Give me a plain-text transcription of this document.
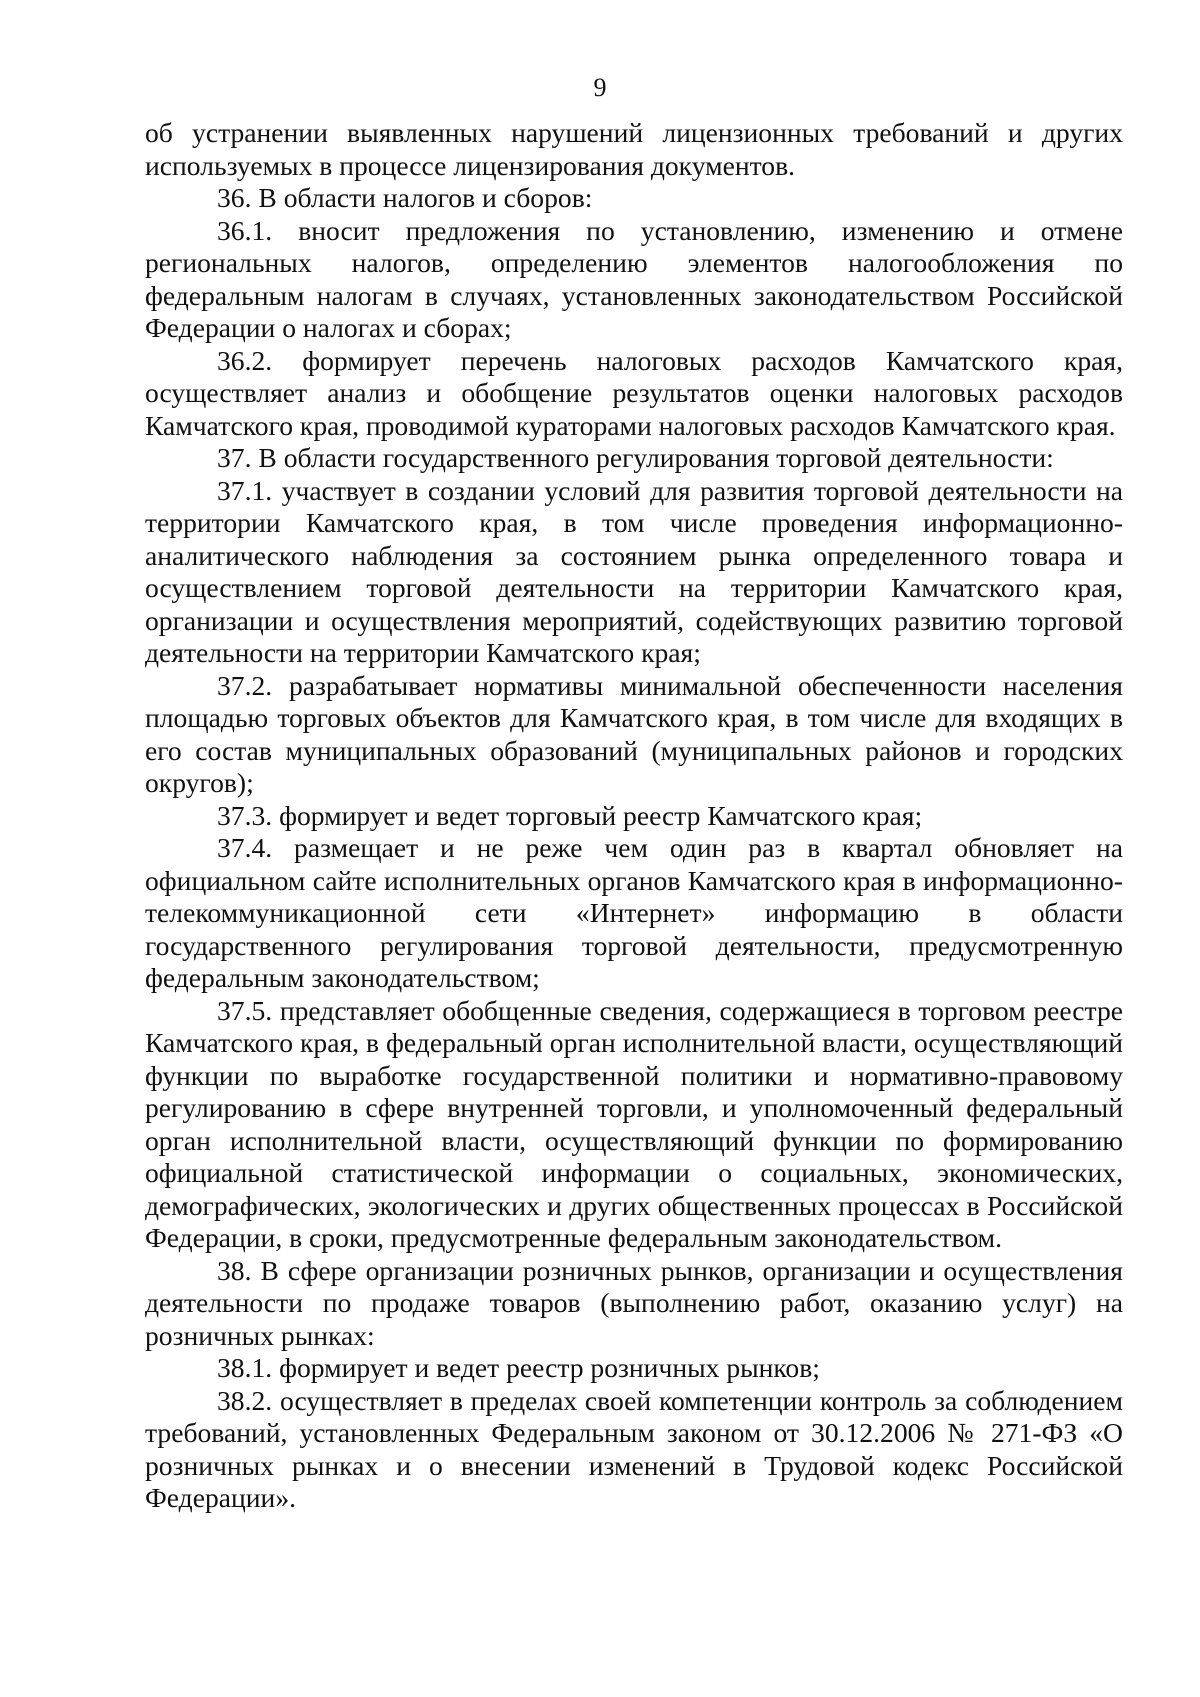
9

об устранении выявленных нарушений лицензионных требований и других используемых в процессе лицензирования документов.

36. В области налогов и сборов:

36.1. вносит предложения по установлению, изменению и отмене региональных налогов, определению элементов налогообложения по федеральным налогам в случаях, установленных законодательством Российской Федерации о налогах и сборах;

36.2. формирует перечень налоговых расходов Камчатского края, осуществляет анализ и обобщение результатов оценки налоговых расходов Камчатского края, проводимой кураторами налоговых расходов Камчатского края.

37. В области государственного регулирования торговой деятельности:

37.1. участвует в создании условий для развития торговой деятельности на территории Камчатского края, в том числе проведения информационно-аналитического наблюдения за состоянием рынка определенного товара и осуществлением торговой деятельности на территории Камчатского края, организации и осуществления мероприятий, содействующих развитию торговой деятельности на территории Камчатского края;

37.2. разрабатывает нормативы минимальной обеспеченности населения площадью торговых объектов для Камчатского края, в том числе для входящих в его состав муниципальных образований (муниципальных районов и городских округов);

37.3. формирует и ведет торговый реестр Камчатского края;

37.4. размещает и не реже чем один раз в квартал обновляет на официальном сайте исполнительных органов Камчатского края в информационно-телекоммуникационной сети «Интернет» информацию в области государственного регулирования торговой деятельности, предусмотренную федеральным законодательством;

37.5. представляет обобщенные сведения, содержащиеся в торговом реестре Камчатского края, в федеральный орган исполнительной власти, осуществляющий функции по выработке государственной политики и нормативно-правовому регулированию в сфере внутренней торговли, и уполномоченный федеральный орган исполнительной власти, осуществляющий функции по формированию официальной статистической информации о социальных, экономических, демографических, экологических и других общественных процессах в Российской Федерации, в сроки, предусмотренные федеральным законодательством.

38. В сфере организации розничных рынков, организации и осуществления деятельности по продаже товаров (выполнению работ, оказанию услуг) на розничных рынках:

38.1. формирует и ведет реестр розничных рынков;

38.2. осуществляет в пределах своей компетенции контроль за соблюдением требований, установленных Федеральным законом от 30.12.2006 № 271-ФЗ «О розничных рынках и о внесении изменений в Трудовой кодекс Российской Федерации».
